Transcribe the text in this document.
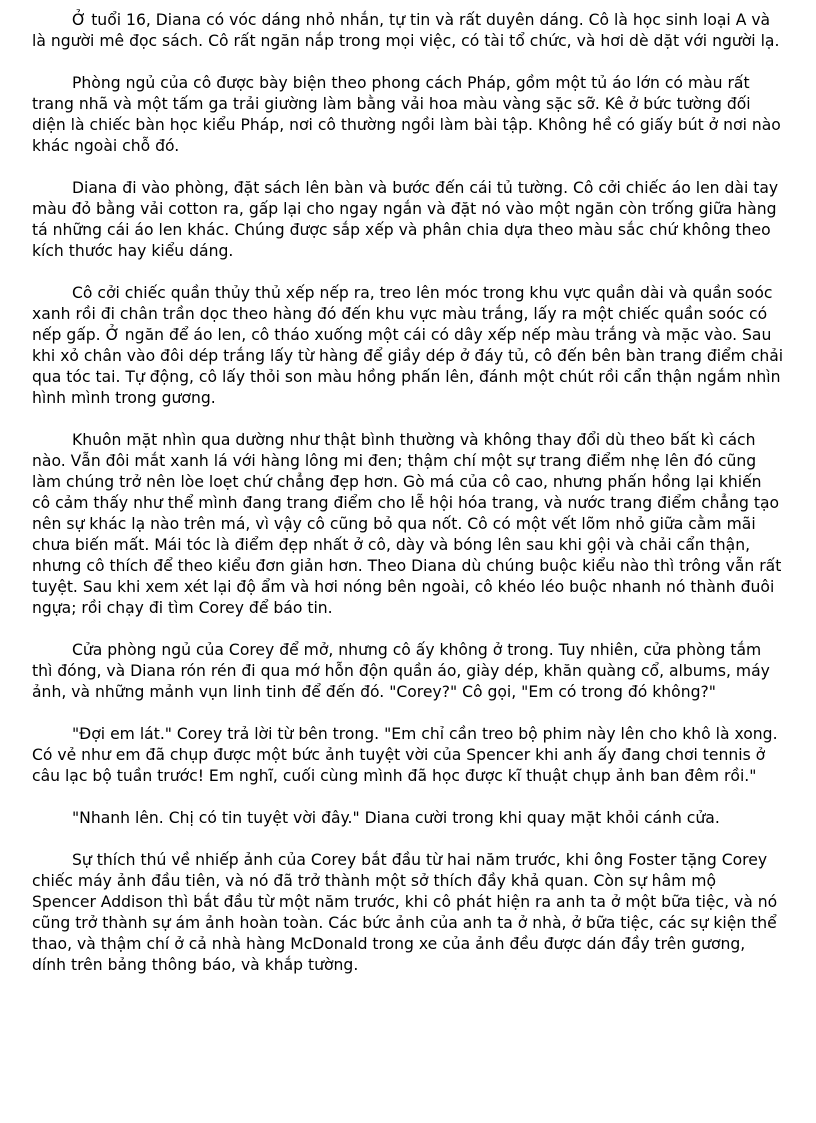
Ở tuổi 16, Diana có vóc dáng nhỏ nhắn, tự tin và rất duyên dáng. Cô là học sinh loại A và là người mê đọc sách. Cô rất ngăn nắp trong mọi việc, có tài tổ chức, và hơi dè dặt với người lạ.

Phòng ngủ của cô được bày biện theo phong cách Pháp, gồm một tủ áo lớn có màu rất trang nhã và một tấm ga trải giường làm bằng vải hoa màu vàng sặc sỡ. Kê ở bức tường đối diện là chiếc bàn học kiểu Pháp, nơi cô thường ngồi làm bài tập. Không hề có giấy bút ở nơi nào khác ngoài chỗ đó.

Diana đi vào phòng, đặt sách lên bàn và bước đến cái tủ tường. Cô cởi chiếc áo len dài tay màu đỏ bằng vải cotton ra, gấp lại cho ngay ngắn và đặt nó vào một ngăn còn trống giữa hàng tá những cái áo len khác. Chúng được sắp xếp và phân chia dựa theo màu sắc chứ không theo kích thước hay kiểu dáng.

Cô cởi chiếc quần thủy thủ xếp nếp ra, treo lên móc trong khu vực quần dài và quần soóc xanh rồi đi chân trần dọc theo hàng đó đến khu vực màu trắng, lấy ra một chiếc quần soóc có nếp gấp. Ở ngăn để áo len, cô tháo xuống một cái có dây xếp nếp màu trắng và mặc vào. Sau khi xỏ chân vào đôi dép trắng lấy từ hàng để giầy dép ở đáy tủ, cô đến bên bàn trang điểm chải qua tóc tai. Tự động, cô lấy thỏi son màu hồng phấn lên, đánh một chút rồi cẩn thận ngắm nhìn hình mình trong gương.

Khuôn mặt nhìn qua dường như thật bình thường và không thay đổi dù theo bất kì cách nào. Vẫn đôi mắt xanh lá với hàng lông mi đen; thậm chí một sự trang điểm nhẹ lên đó cũng làm chúng trở nên lòe loẹt chứ chẳng đẹp hơn. Gò má của cô cao, nhưng phấn hồng lại khiến cô cảm thấy như thể mình đang trang điểm cho lễ hội hóa trang, và nước trang điểm chẳng tạo nên sự khác lạ nào trên má, vì vậy cô cũng bỏ qua nốt. Cô có một vết lõm nhỏ giữa cằm mãi chưa biến mất. Mái tóc là điểm đẹp nhất ở cô, dày và bóng lên sau khi gội và chải cẩn thận, nhưng cô thích để theo kiểu đơn giản hơn. Theo Diana dù chúng buộc kiểu nào thì trông vẫn rất tuyệt. Sau khi xem xét lại độ ẩm và hơi nóng bên ngoài, cô khéo léo buộc nhanh nó thành đuôi ngựa; rồi chạy đi tìm Corey để báo tin.

Cửa phòng ngủ của Corey để mở, nhưng cô ấy không ở trong. Tuy nhiên, cửa phòng tắm thì đóng, và Diana rón rén đi qua mớ hỗn độn quần áo, giày dép, khăn quàng cổ, albums, máy ảnh, và những mảnh vụn linh tinh để đến đó. "Corey?" Cô gọi, "Em có trong đó không?"

"Đợi em lát." Corey trả lời từ bên trong. "Em chỉ cần treo bộ phim này lên cho khô là xong. Có vẻ như em đã chụp được một bức ảnh tuyệt vời của Spencer khi anh ấy đang chơi tennis ở câu lạc bộ tuần trước! Em nghĩ, cuối cùng mình đã học được kĩ thuật chụp ảnh ban đêm rồi."

"Nhanh lên. Chị có tin tuyệt vời đây." Diana cười trong khi quay mặt khỏi cánh cửa.

Sự thích thú về nhiếp ảnh của Corey bắt đầu từ hai năm trước, khi ông Foster tặng Corey chiếc máy ảnh đầu tiên, và nó đã trở thành một sở thích đầy khả quan. Còn sự hâm mộ Spencer Addison thì bắt đầu từ một năm trước, khi cô phát hiện ra anh ta ở một bữa tiệc, và nó cũng trở thành sự ám ảnh hoàn toàn. Các bức ảnh của anh ta ở nhà, ở bữa tiệc, các sự kiện thể thao, và thậm chí ở cả nhà hàng McDonald trong xe của ảnh đều được dán đầy trên gương, dính trên bảng thông báo, và khắp tường.
